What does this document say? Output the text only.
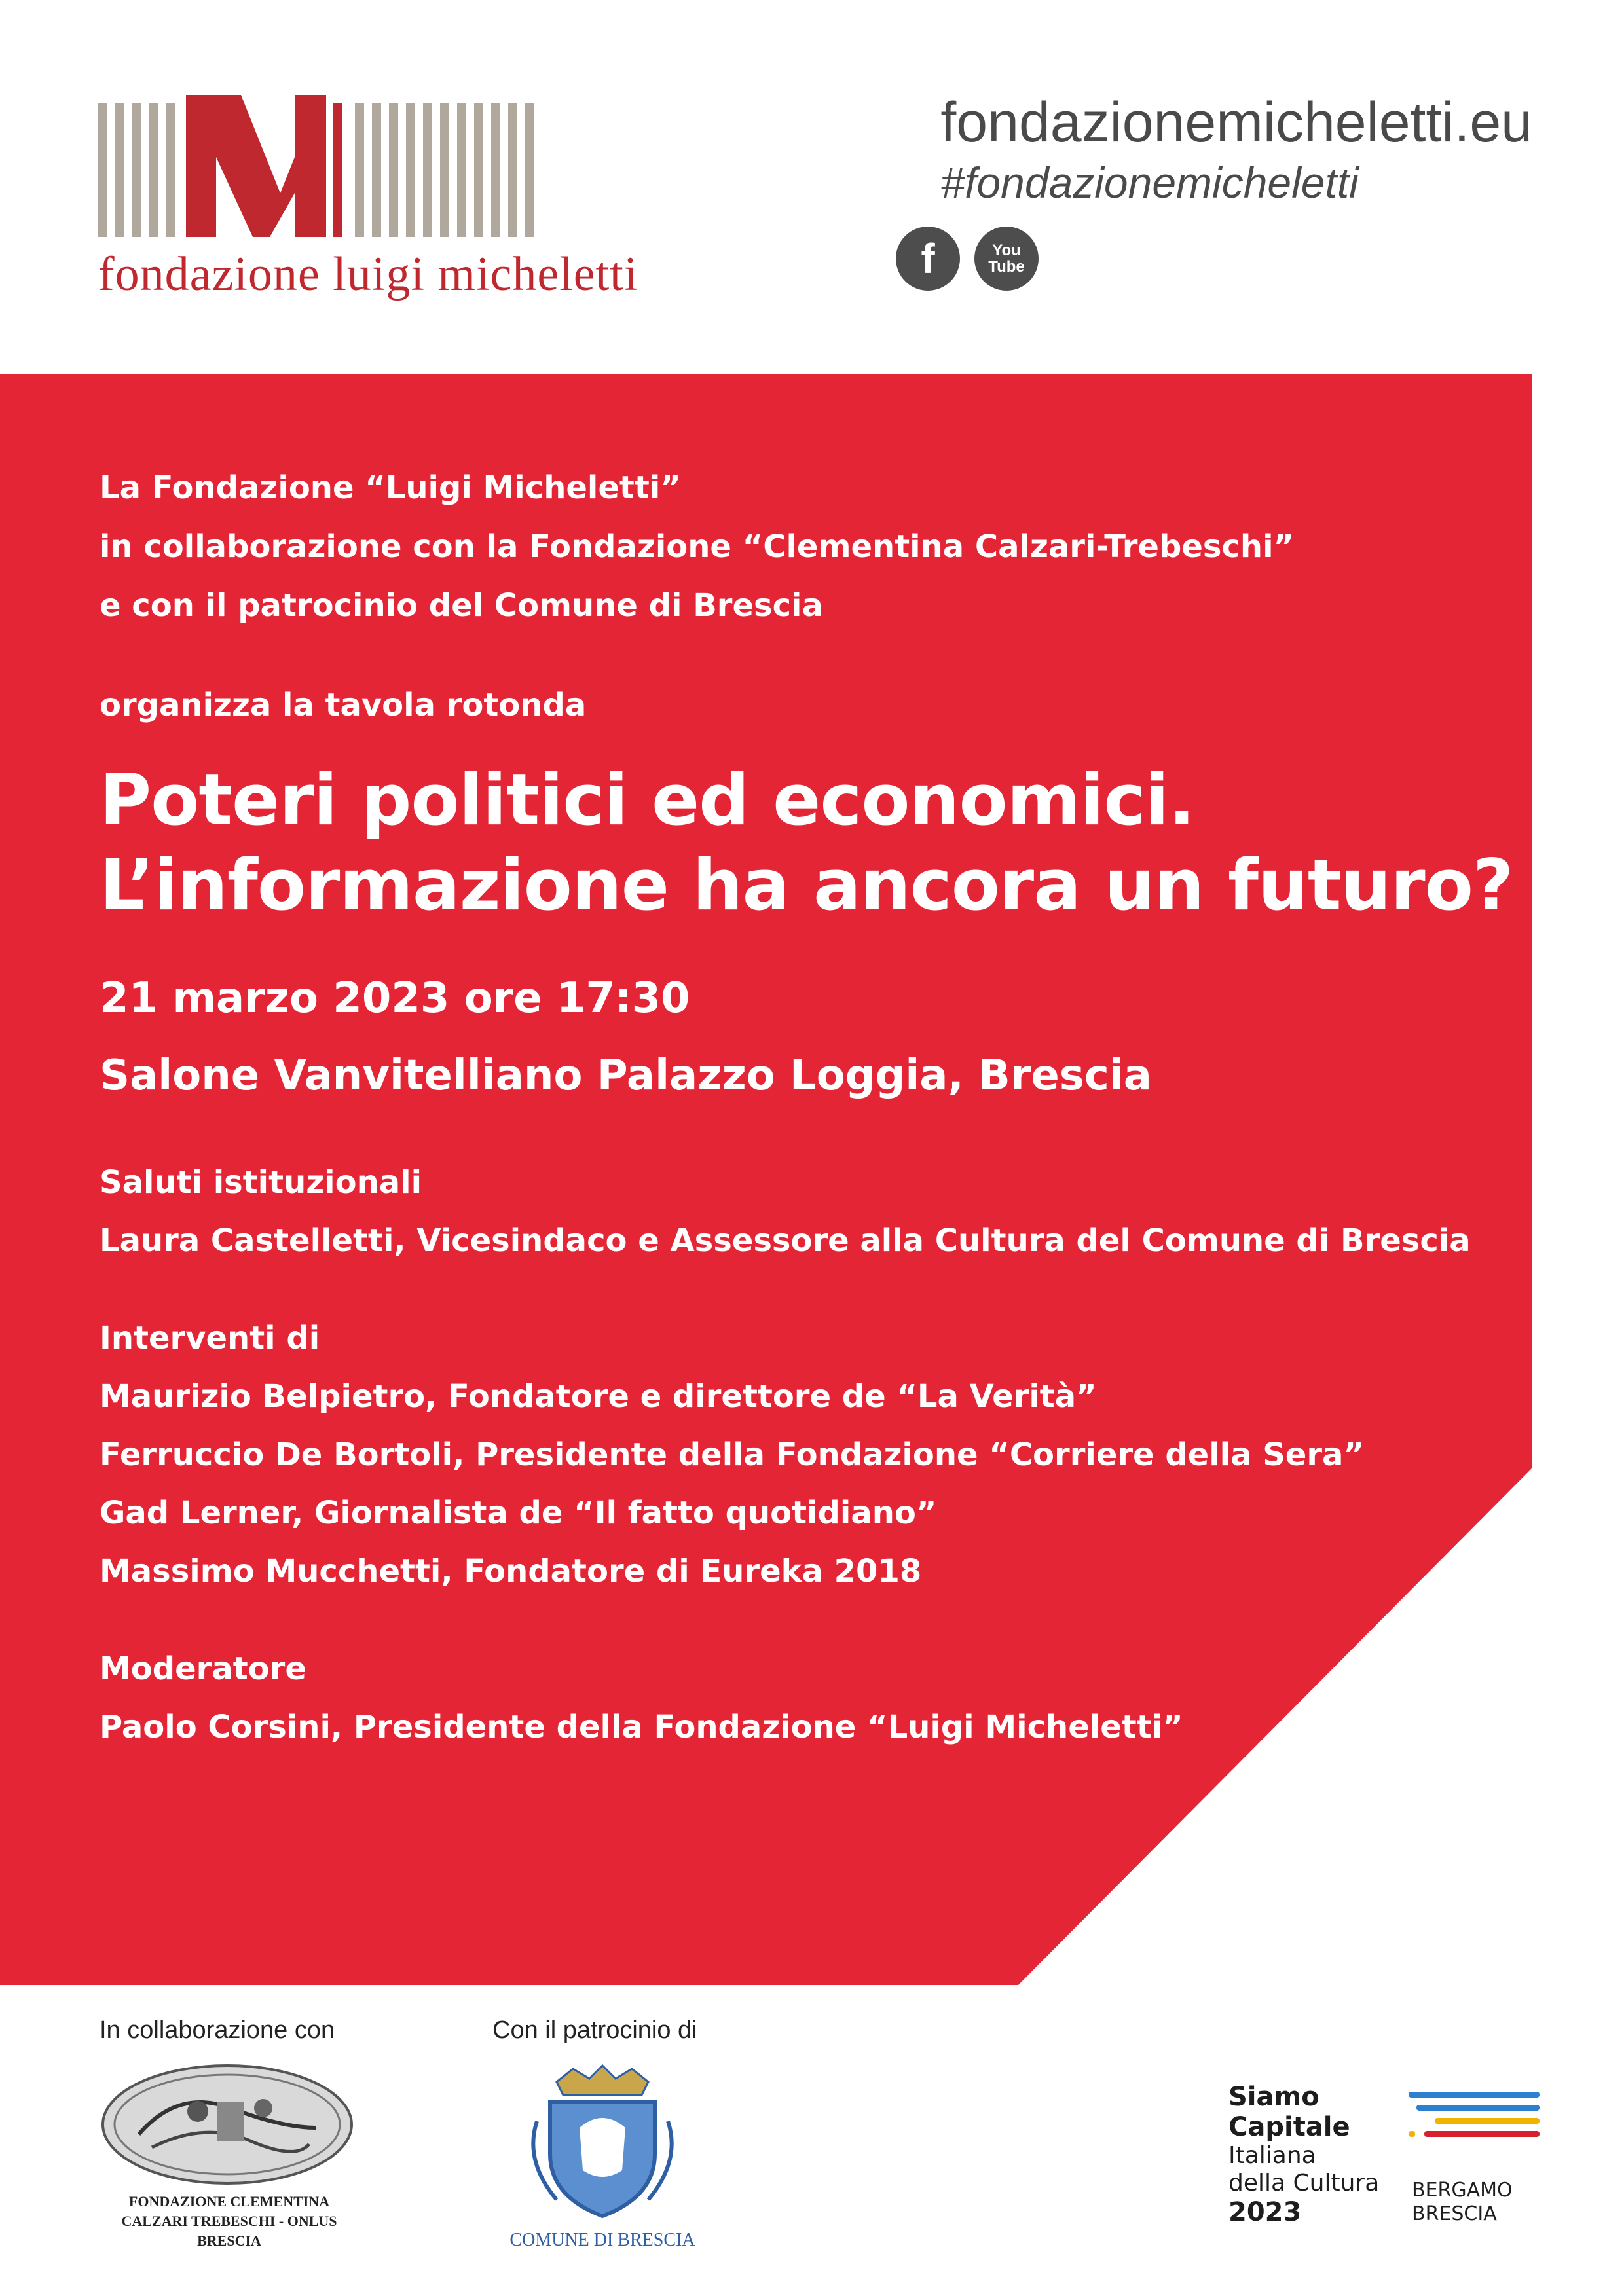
fondazione luigi micheletti
fondazionemicheletti.eu
#fondazionemicheletti
f	You
Tube
La Fondazione “Luigi Micheletti”
in collaborazione con la Fondazione “Clementina Calzari-Trebeschi”
e con il patrocinio del Comune di Brescia
organizza la tavola rotonda
Poteri politici ed economici.
L’informazione ha ancora un futuro?
21 marzo 2023 ore 17:30
Salone Vanvitelliano Palazzo Loggia, Brescia
Saluti istituzionali
Laura Castelletti, Vicesindaco e Assessore alla Cultura del Comune di Brescia
Interventi di
Maurizio Belpietro, Fondatore e direttore de “La Verità”
Ferruccio De Bortoli, Presidente della Fondazione “Corriere della Sera”
Gad Lerner, Giornalista de “Il fatto quotidiano”
Massimo Mucchetti, Fondatore di Eureka 2018
Moderatore
Paolo Corsini, Presidente della Fondazione “Luigi Micheletti”
In collaborazione con	Con il patrocinio di
FONDAZIONE CLEMENTINA
CALZARI TREBESCHI - ONLUS
BRESCIA	COMUNE DI BRESCIA
Siamo
Capitale
Italiana
della Cultura
2023
BERGAMO
BRESCIA
